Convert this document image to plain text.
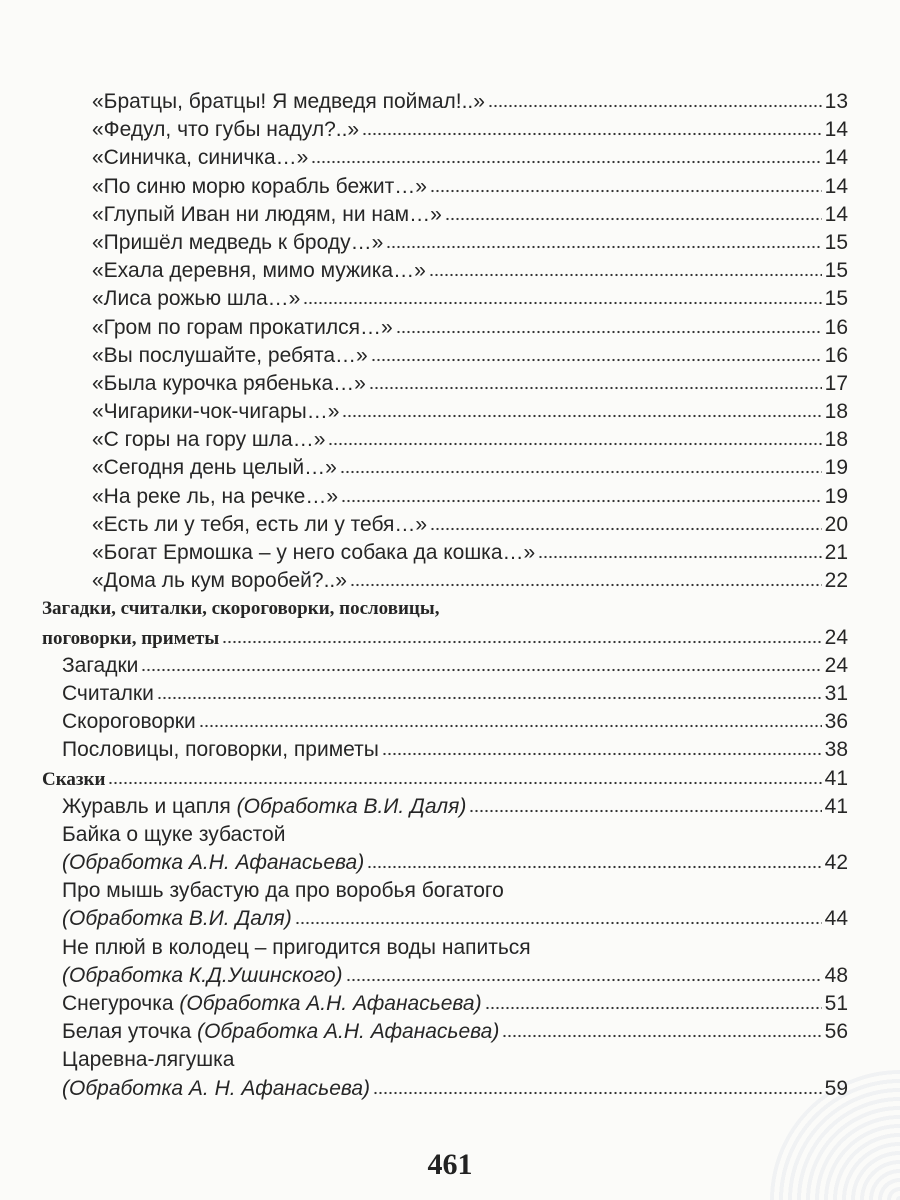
«Братцы, братцы! Я медведя поймал!..»	13
«Федул, что губы надул?..»	14
«Синичка, синичка…»	14
«По синю морю корабль бежит…»	14
«Глупый Иван ни людям, ни нам…»	14
«Пришёл медведь к броду…»	15
«Ехала деревня, мимо мужика…»	15
«Лиса рожью шла…»	15
«Гром по горам прокатился…»	16
«Вы послушайте, ребята…»	16
«Была курочка рябенька…»	17
«Чигарики-чок-чигары…»	18
«С горы на гору шла…»	18
«Сегодня день целый…»	19
«На реке ль, на речке…»	19
«Есть ли у тебя, есть ли у тебя…»	20
«Богат Ермошка – у него собака да кошка…»	21
«Дома ль кум воробей?..»	22
Загадки, считалки, скороговорки, пословицы,
поговорки, приметы	24
Загадки	24
Считалки	31
Скороговорки	36
Пословицы, поговорки, приметы	38
Сказки	41
Журавль и цапля (Обработка В.И. Даля)	41
Байка о щуке зубастой
(Обработка А.Н. Афанасьева)	42
Про мышь зубастую да про воробья богатого
(Обработка В.И. Даля)	44
Не плюй в колодец – пригодится воды напиться
(Обработка К.Д.Ушинского)	48
Снегурочка (Обработка А.Н. Афанасьева)	51
Белая уточка (Обработка А.Н. Афанасьева)	56
Царевна-лягушка
(Обработка А. Н. Афанасьева)	59
461
